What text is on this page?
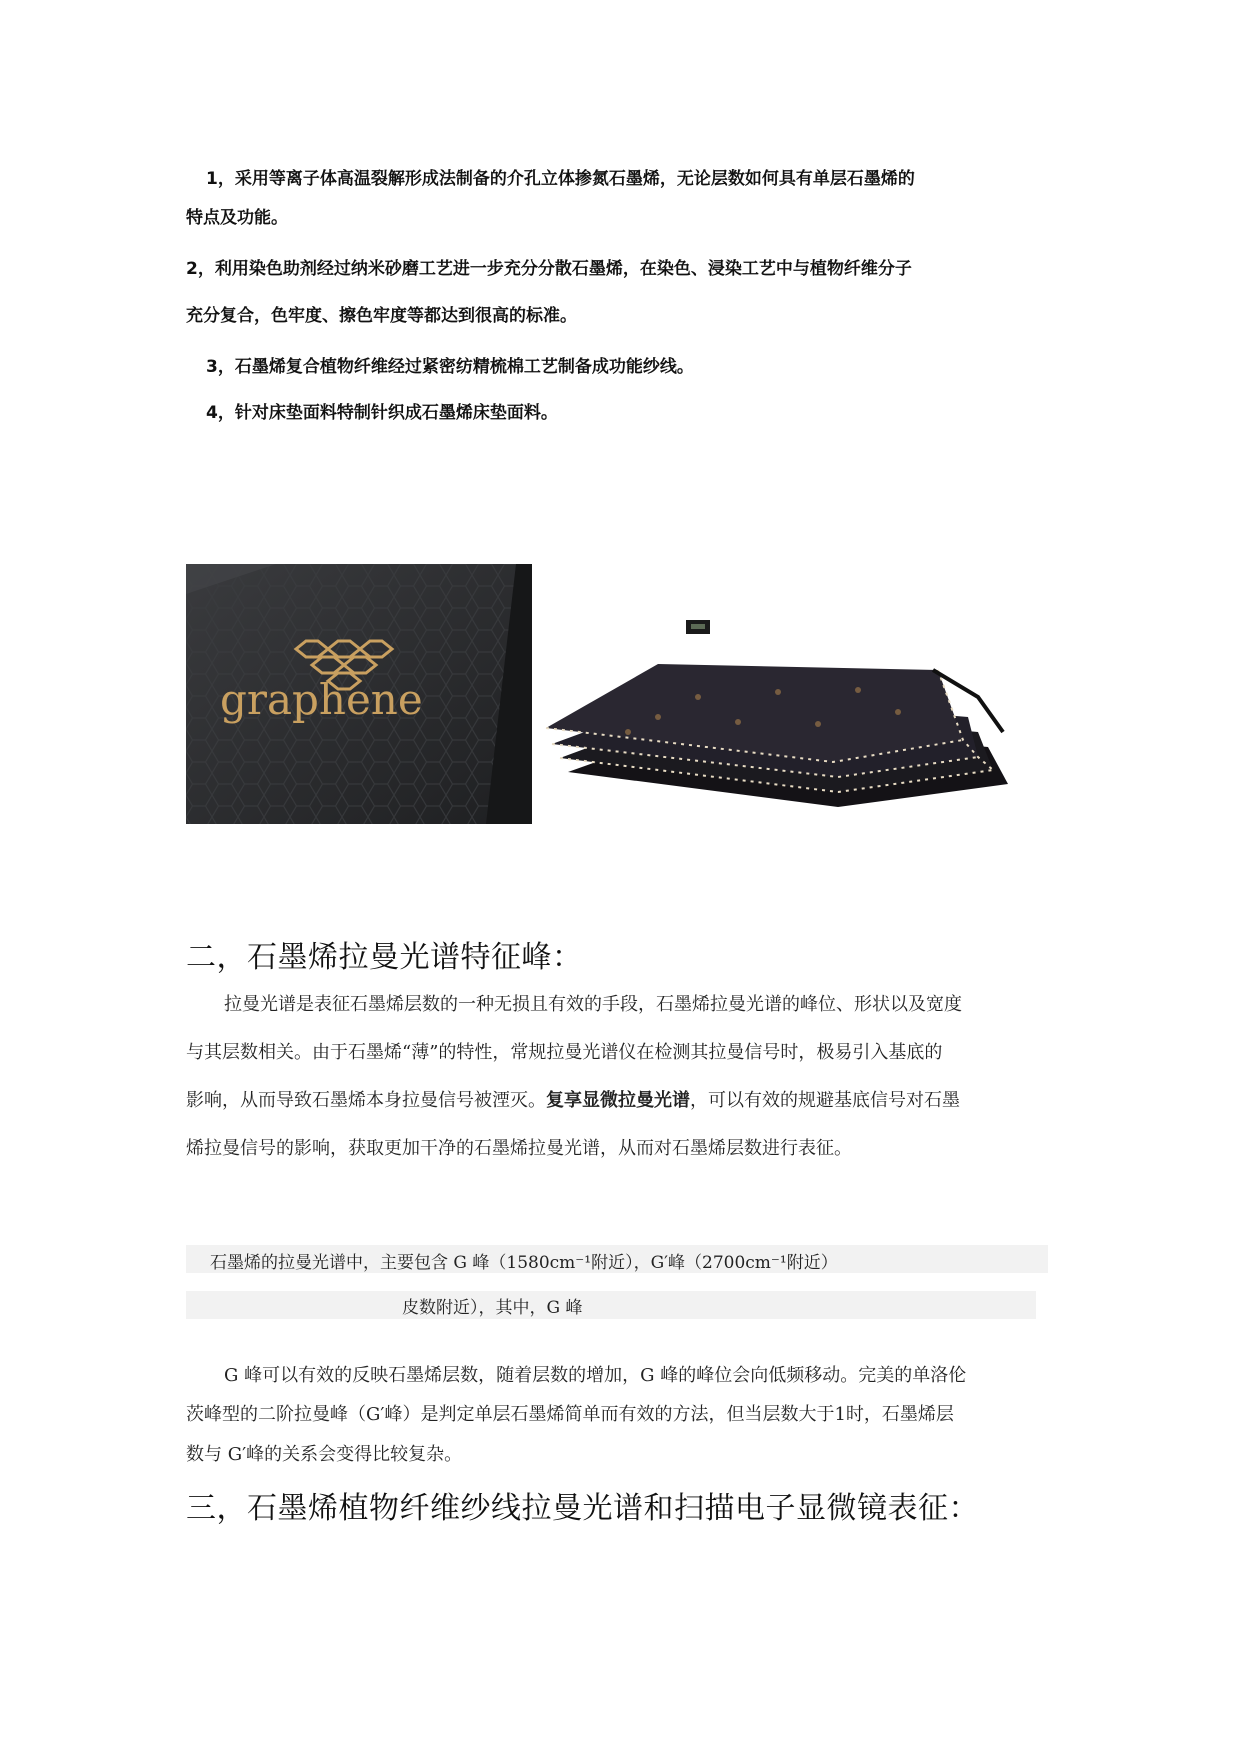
1，采用等离子体高温裂解形成法制备的介孔立体掺氮石墨烯，无论层数如何具有单层石墨烯的
特点及功能。
2，利用染色助剂经过纳米砂磨工艺进一步充分分散石墨烯，在染色、浸染工艺中与植物纤维分子
充分复合，色牢度、擦色牢度等都达到很高的标准。
3，石墨烯复合植物纤维经过紧密纺精梳棉工艺制备成功能纱线。
4，针对床垫面料特制针织成石墨烯床垫面料。
graphene
二，石墨烯拉曼光谱特征峰：
拉曼光谱是表征石墨烯层数的一种无损且有效的手段，石墨烯拉曼光谱的峰位、形状以及宽度
与其层数相关。由于石墨烯“薄”的特性，常规拉曼光谱仪在检测其拉曼信号时，极易引入基底的
影响，从而导致石墨烯本身拉曼信号被湮灭。复享显微拉曼光谱，可以有效的规避基底信号对石墨
烯拉曼信号的影响，获取更加干净的石墨烯拉曼光谱，从而对石墨烯层数进行表征。
石墨烯的拉曼光谱中，主要包含 G 峰（1580cm⁻¹附近），G′峰（2700cm⁻¹附近）
皮数附近），其中，G 峰
G 峰可以有效的反映石墨烯层数，随着层数的增加，G 峰的峰位会向低频移动。完美的单洛伦
茨峰型的二阶拉曼峰（G′峰）是判定单层石墨烯简单而有效的方法，但当层数大于1时，石墨烯层
数与 G′峰的关系会变得比较复杂。
三，石墨烯植物纤维纱线拉曼光谱和扫描电子显微镜表征：
